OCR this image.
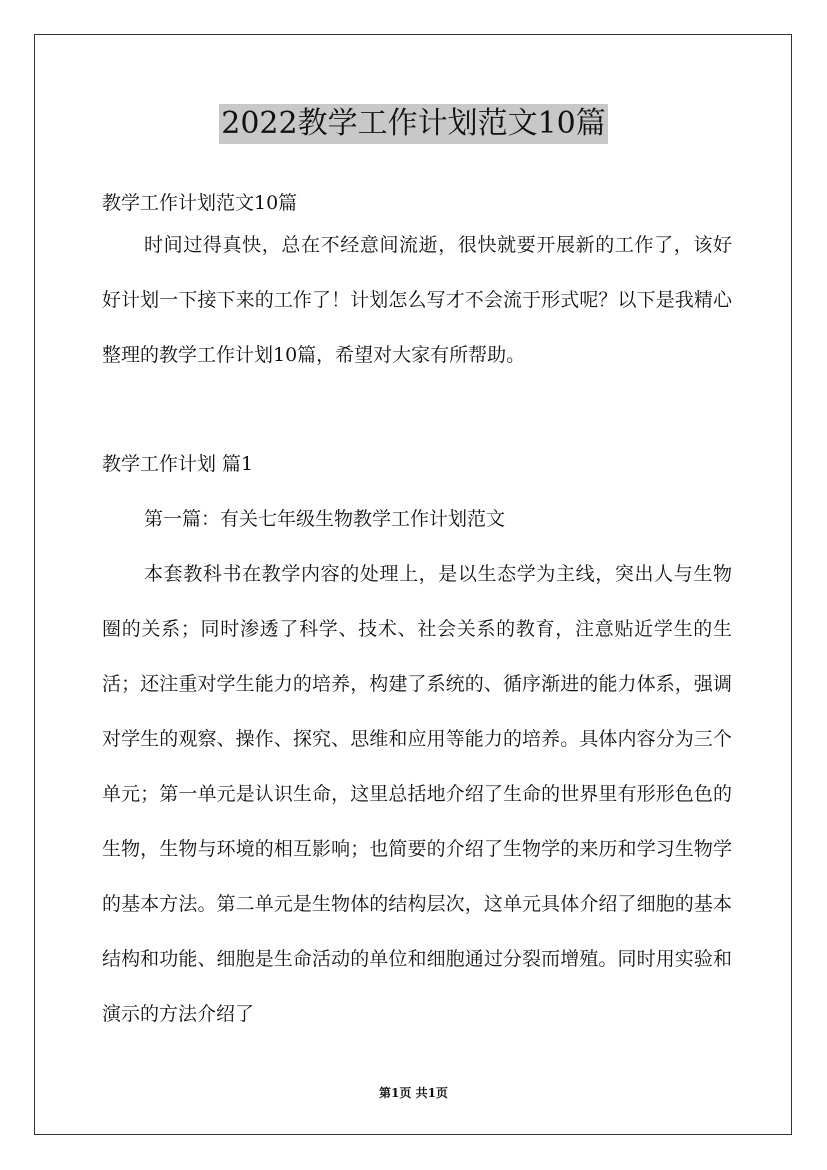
2022教学工作计划范文10篇

教学工作计划范文10篇

时间过得真快，总在不经意间流逝，很快就要开展新的工作了，该好好计划一下接下来的工作了！计划怎么写才不会流于形式呢？以下是我精心整理的教学工作计划10篇，希望对大家有所帮助。

教学工作计划 篇1

第一篇：有关七年级生物教学工作计划范文

本套教科书在教学内容的处理上，是以生态学为主线，突出人与生物圈的关系；同时渗透了科学、技术、社会关系的教育，注意贴近学生的生活；还注重对学生能力的培养，构建了系统的、循序渐进的能力体系，强调对学生的观察、操作、探究、思维和应用等能力的培养。具体内容分为三个单元；第一单元是认识生命，这里总括地介绍了生命的世界里有形形色色的生物，生物与环境的相互影响；也简要的介绍了生物学的来历和学习生物学的基本方法。第二单元是生物体的结构层次，这单元具体介绍了细胞的基本结构和功能、细胞是生命活动的单位和细胞通过分裂而增殖。同时用实验和演示的方法介绍了

第1页 共1页
